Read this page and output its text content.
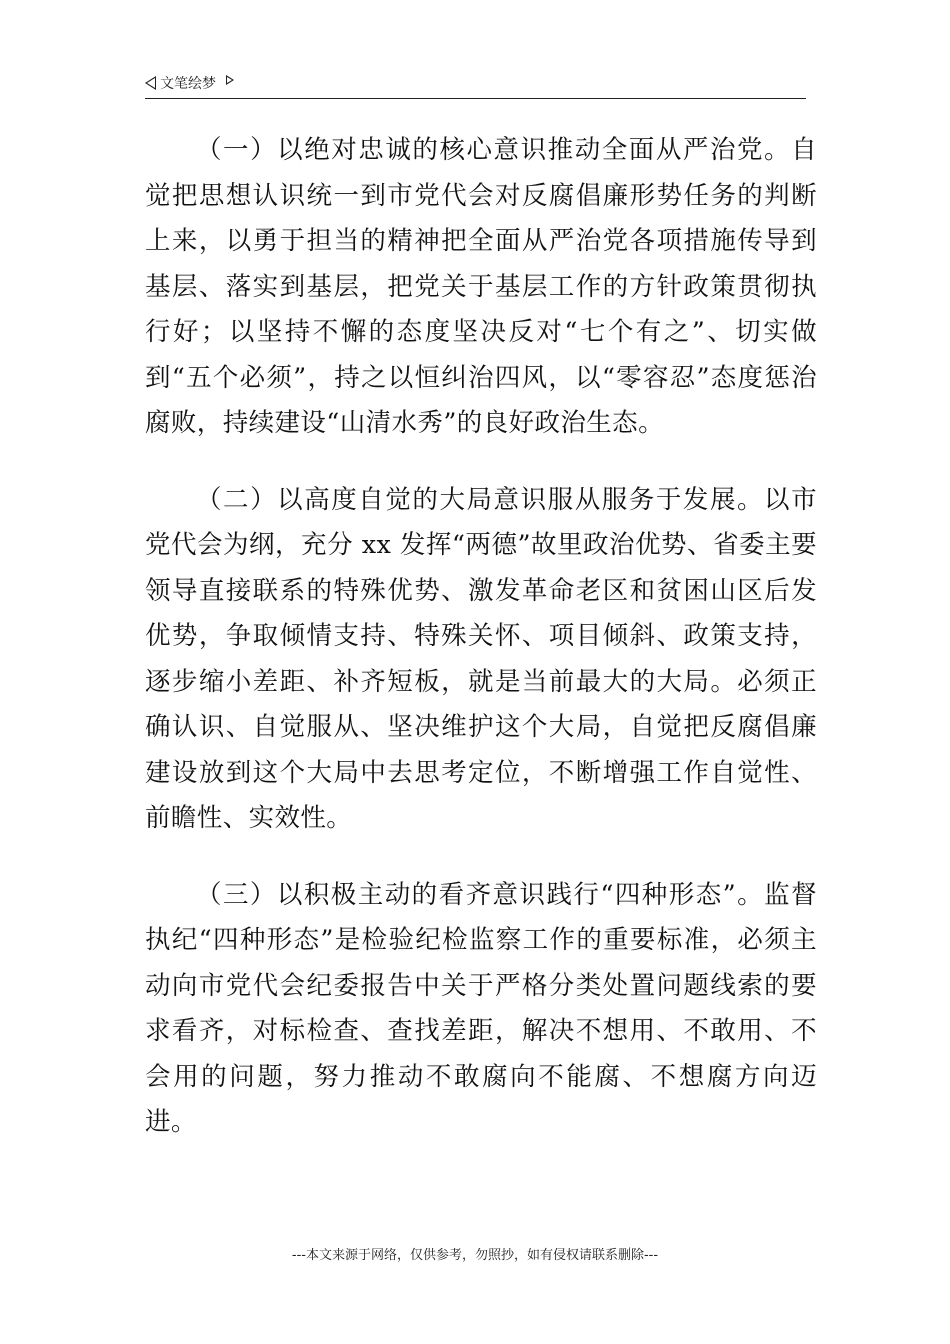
文笔绘梦

（一）以绝对忠诚的核心意识推动全面从严治党。自觉把思想认识统一到市党代会对反腐倡廉形势任务的判断上来，以勇于担当的精神把全面从严治党各项措施传导到基层、落实到基层，把党关于基层工作的方针政策贯彻执行好；以坚持不懈的态度坚决反对“七个有之”、切实做到“五个必须”，持之以恒纠治四风，以“零容忍”态度惩治腐败，持续建设“山清水秀”的良好政治生态。

（二）以高度自觉的大局意识服从服务于发展。以市党代会为纲，充分 xx 发挥“两德”故里政治优势、省委主要领导直接联系的特殊优势、激发革命老区和贫困山区后发优势，争取倾情支持、特殊关怀、项目倾斜、政策支持，逐步缩小差距、补齐短板，就是当前最大的大局。必须正确认识、自觉服从、坚决维护这个大局，自觉把反腐倡廉建设放到这个大局中去思考定位，不断增强工作自觉性、前瞻性、实效性。

（三）以积极主动的看齐意识践行“四种形态”。监督执纪“四种形态”是检验纪检监察工作的重要标准，必须主动向市党代会纪委报告中关于严格分类处置问题线索的要求看齐，对标检查、查找差距，解决不想用、不敢用、不会用的问题，努力推动不敢腐向不能腐、不想腐方向迈进。

---本文来源于网络，仅供参考，勿照抄，如有侵权请联系删除---
